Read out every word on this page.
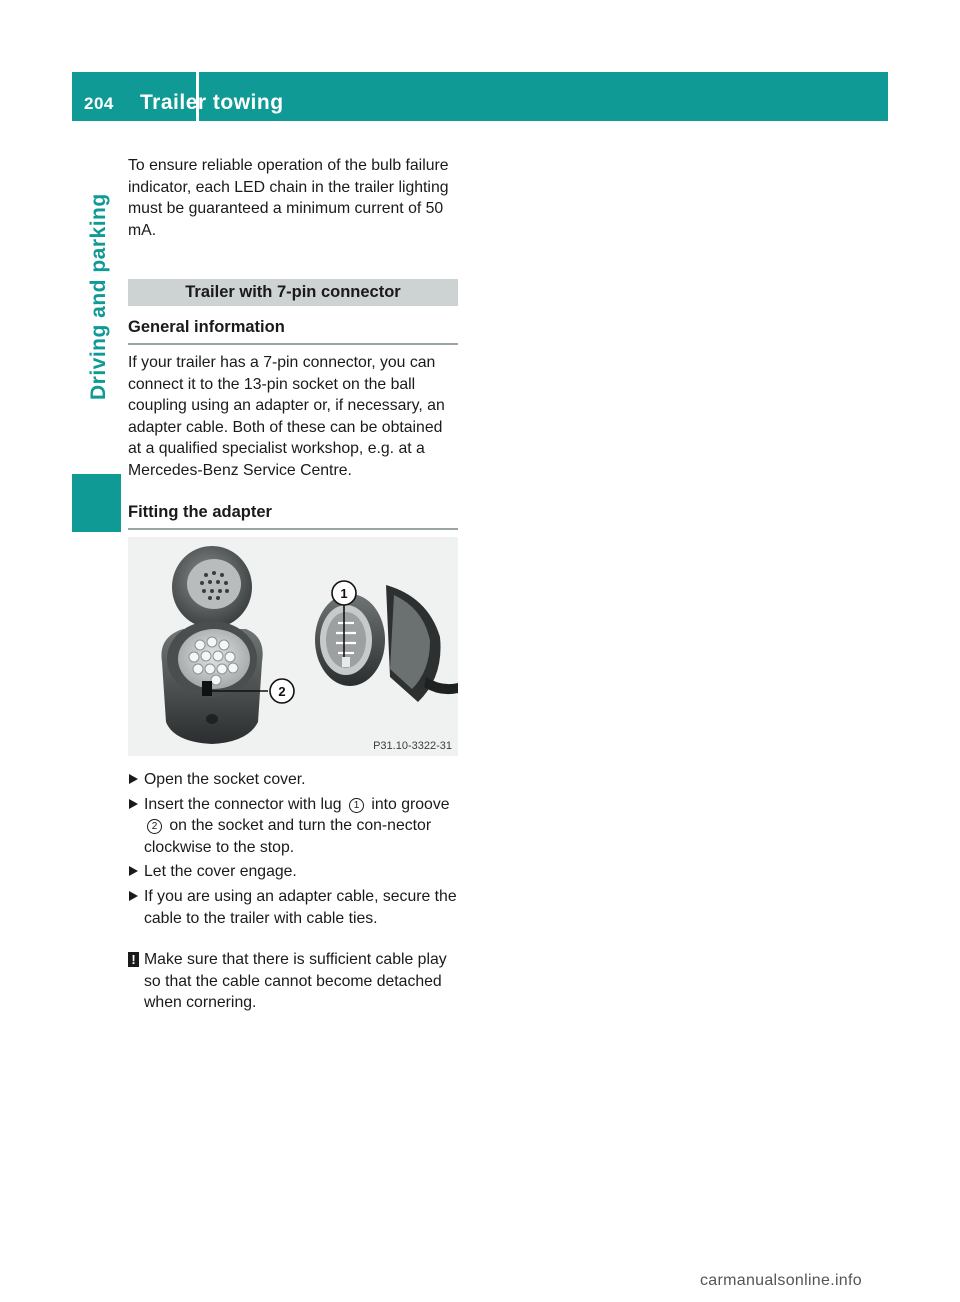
204	Trailer towing
Driving and parking
To ensure reliable operation of the bulb failure indicator, each LED chain in the trailer lighting must be guaranteed a minimum current of 50 mA.
Trailer with 7-pin connector
General information
If your trailer has a 7-pin connector, you can connect it to the 13-pin socket on the ball coupling using an adapter or, if necessary, an adapter cable. Both of these can be obtained at a qualified specialist workshop, e.g. at a Mercedes-Benz Service Centre.
Fitting the adapter
2
1
P31.10-3322-31
Open the socket cover.
Insert the connector with lug 1 into groove 2 on the socket and turn the con-nector clockwise to the stop.
Let the cover engage.
If you are using an adapter cable, secure the cable to the trailer with cable ties.
! Make sure that there is sufficient cable play so that the cable cannot become detached when cornering.
carmanualsonline.info
